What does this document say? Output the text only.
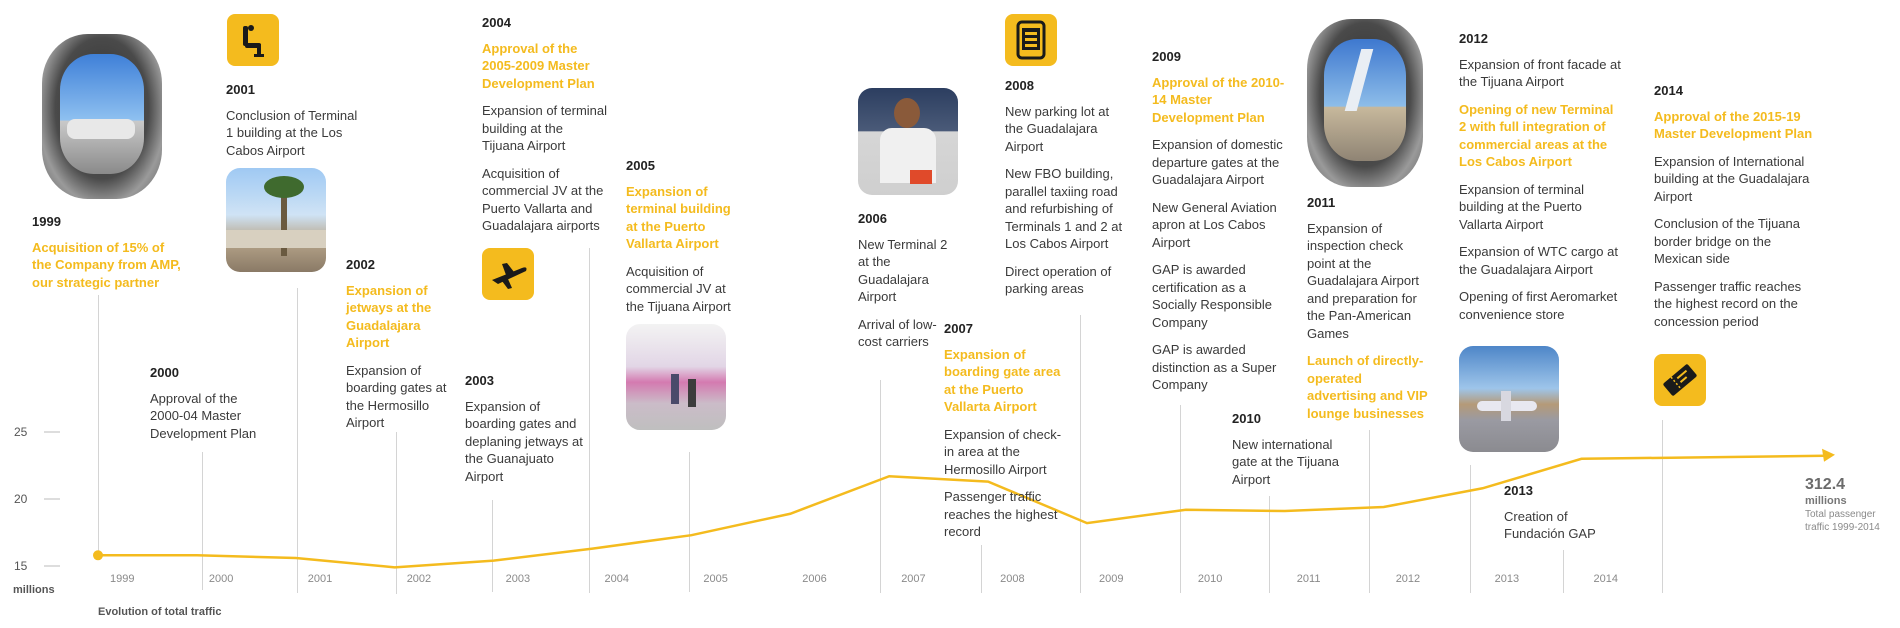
25
20
15
1999	2000	2001	2002	2003	2004	2005	2006	2007	2008	2009	2010	2011	2012	2013	2014
millions
Evolution of total traffic
312.4
millions
Total passenger traffic 1999-2014
1999
Acquisition of 15% of the Company from AMP, our strategic partner
2000
Approval of the 2000-04 Master Development Plan
2001
Conclusion of Terminal 1 building at the Los Cabos Airport
2002
Expansion of jetways at the Guadalajara Airport
Expansion of boarding gates at the Hermosillo Airport
2003
Expansion of boarding gates and deplaning jetways at the Guanajuato Airport
2004
Approval of the 2005-2009 Master Development Plan
Expansion of terminal building at the Tijuana Airport
Acquisition of commercial JV at the Puerto Vallarta and Guadalajara airports
2005
Expansion of terminal building at the Puerto Vallarta Airport
Acquisition of commercial JV at the Tijuana Airport
2006
New Terminal 2 at the Guadalajara Airport
Arrival of low-cost carriers
2007
Expansion of boarding gate area at the Puerto Vallarta Airport
Expansion of check-in area at the Hermosillo Airport
Passenger traffic reaches the highest record
2008
New parking lot at the Guadalajara Airport
New FBO building, parallel taxiing road and refurbishing of Terminals 1 and 2 at Los Cabos Airport
Direct operation of parking areas
2009
Approval of the 2010-14 Master Development Plan
Expansion of domestic departure gates at the Guadalajara Airport
New General Aviation apron at Los Cabos Airport
GAP is awarded certification as a Socially Responsible Company
GAP is awarded distinction as a Super Company
2010
New international gate at the Tijuana Airport
2011
Expansion of inspection check point at the Guadalajara Airport and preparation for the Pan-American Games
Launch of directly-operated advertising and VIP lounge businesses
2012
Expansion of front facade at the Tijuana Airport
Opening of new Terminal 2 with full integration of commercial areas at the Los Cabos Airport
Expansion of terminal building at the Puerto Vallarta Airport
Expansion of WTC cargo at the Guadalajara Airport
Opening of first Aeromarket convenience store
2013
Creation of Fundación GAP
2014
Approval of the 2015-19 Master Development Plan
Expansion of International building at the Guadalajara Airport
Conclusion of the Tijuana border bridge on the Mexican side
Passenger traffic reaches the highest record on the concession period
